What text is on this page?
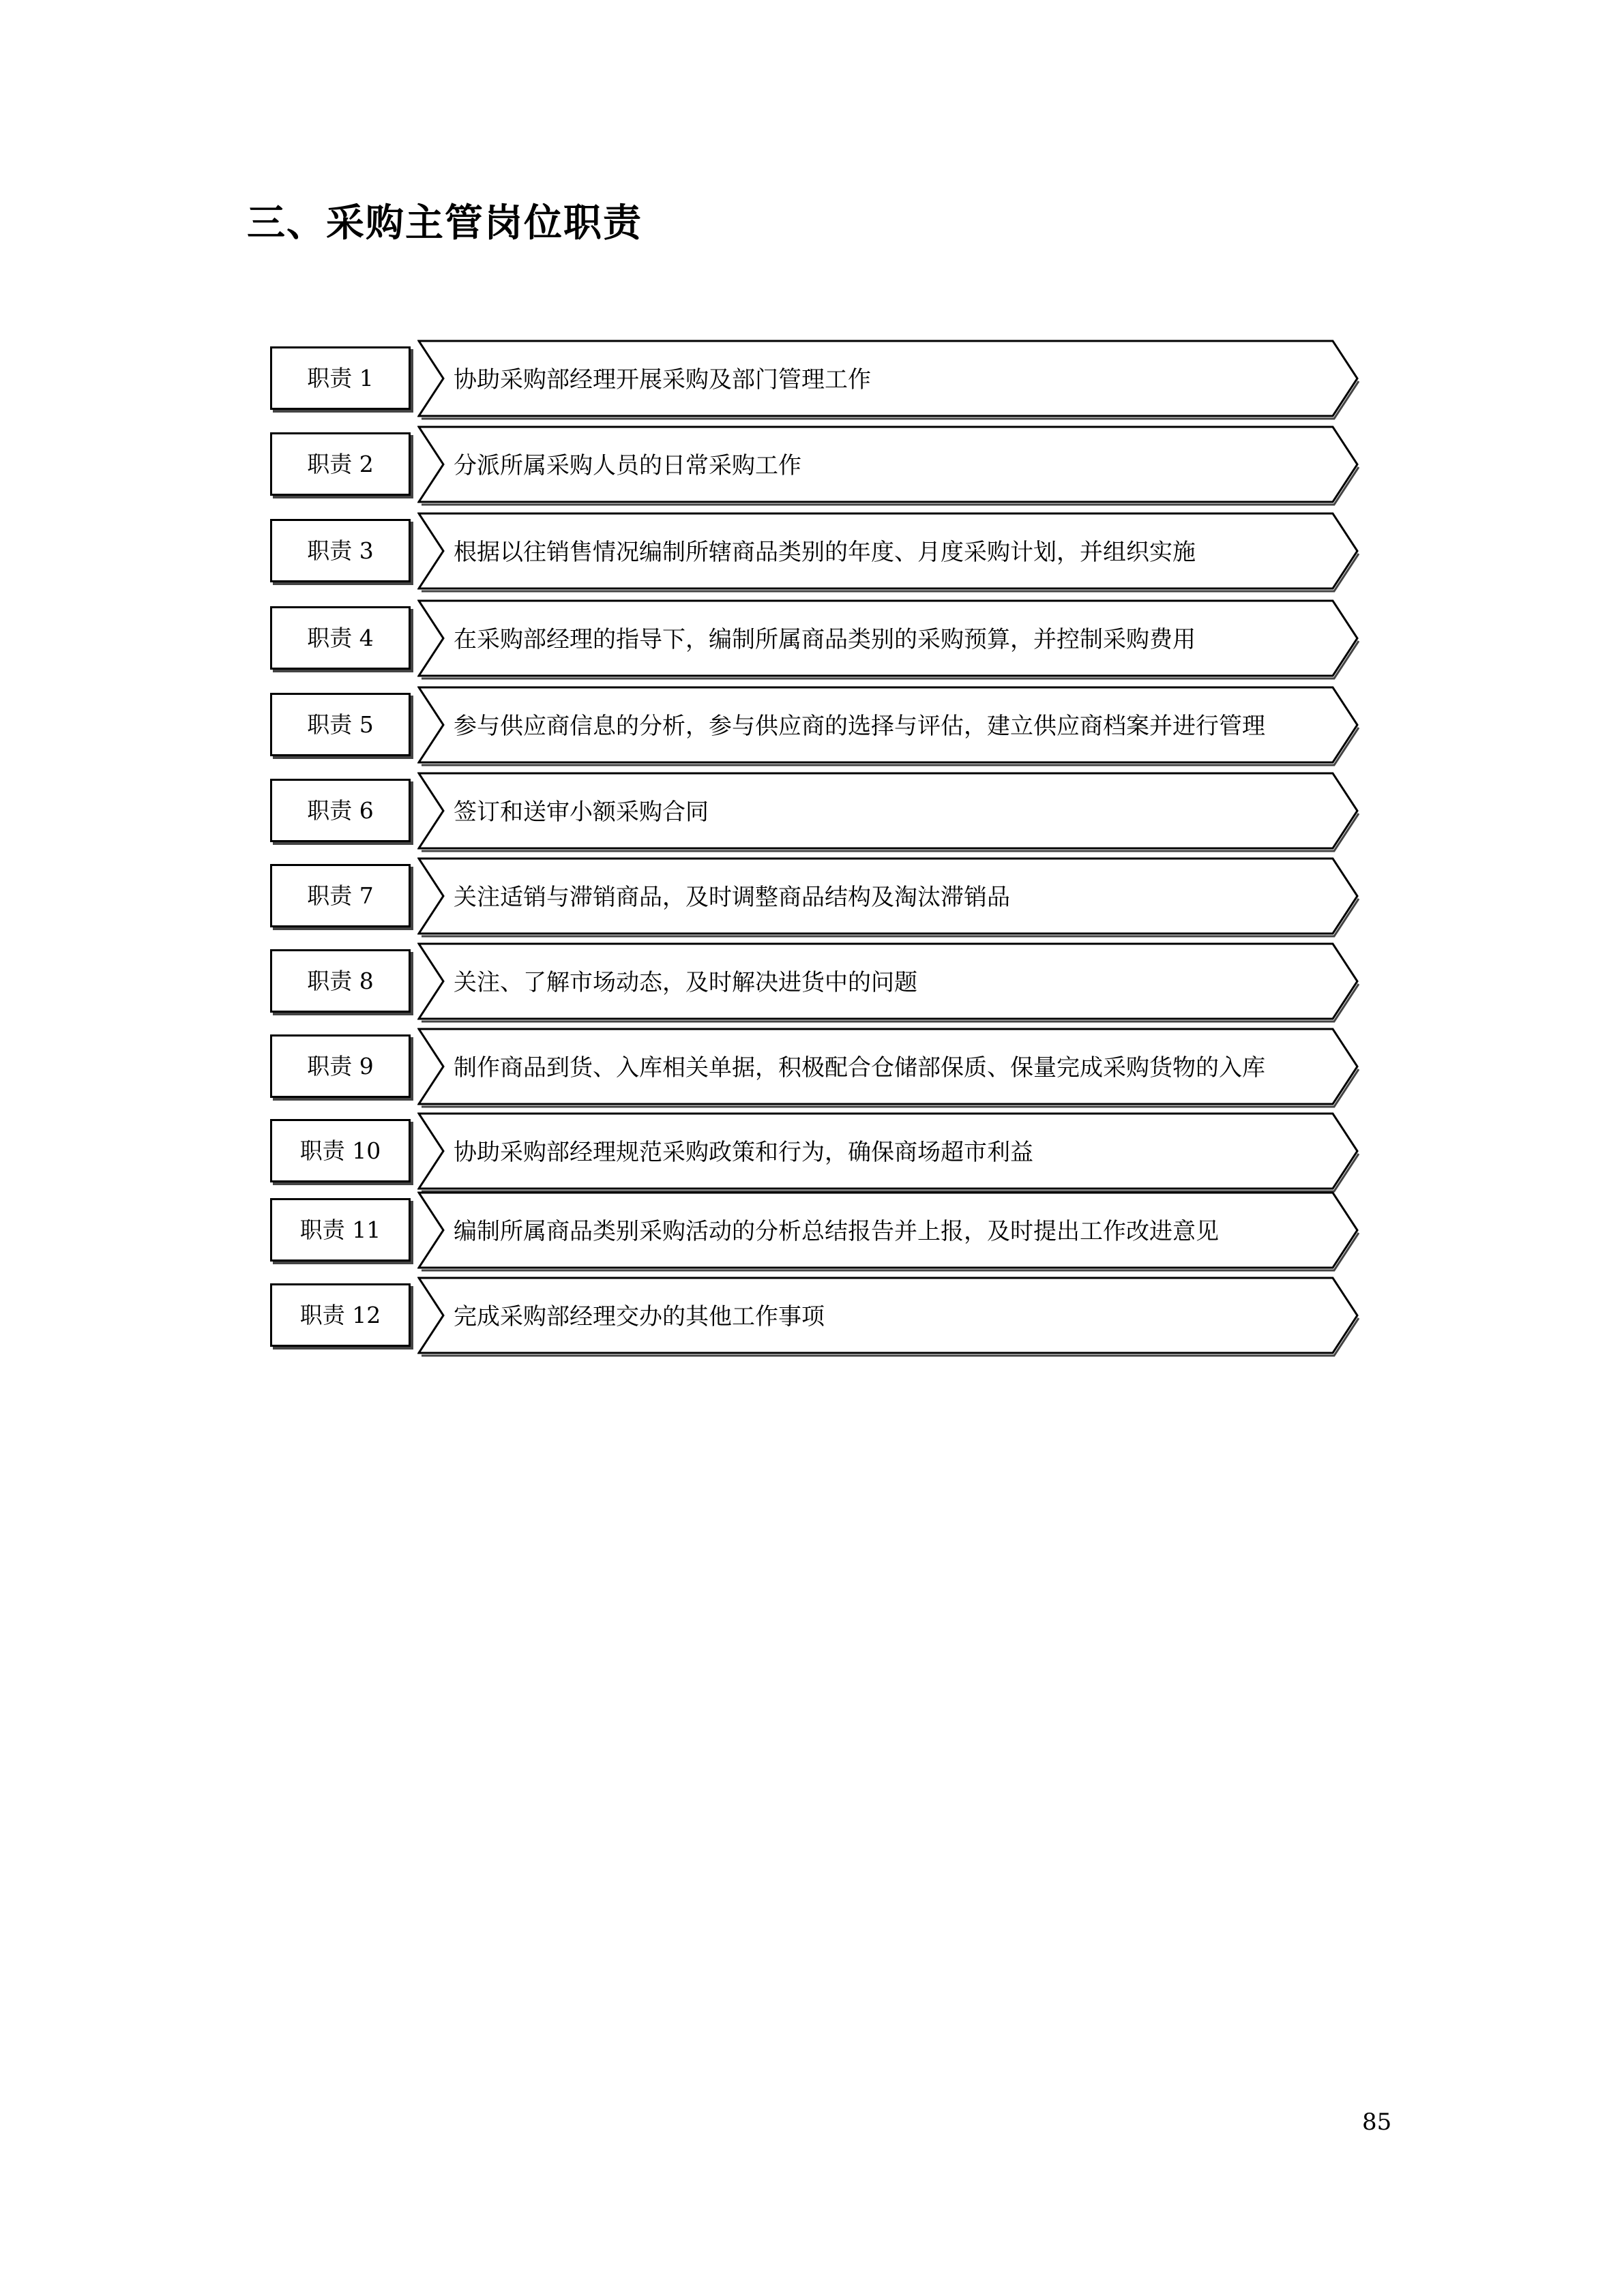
三、采购主管岗位职责
职责 1	协助采购部经理开展采购及部门管理工作
职责 2	分派所属采购人员的日常采购工作
职责 3	根据以往销售情况编制所辖商品类别的年度、月度采购计划，并组织实施
职责 4	在采购部经理的指导下，编制所属商品类别的采购预算，并控制采购费用
职责 5	参与供应商信息的分析，参与供应商的选择与评估，建立供应商档案并进行管理
职责 6	签订和送审小额采购合同
职责 7	关注适销与滞销商品，及时调整商品结构及淘汰滞销品
职责 8	关注、了解市场动态，及时解决进货中的问题
职责 9	制作商品到货、入库相关单据，积极配合仓储部保质、保量完成采购货物的入库
职责 10	协助采购部经理规范采购政策和行为，确保商场超市利益
职责 11	编制所属商品类别采购活动的分析总结报告并上报，及时提出工作改进意见
职责 12	完成采购部经理交办的其他工作事项
85
